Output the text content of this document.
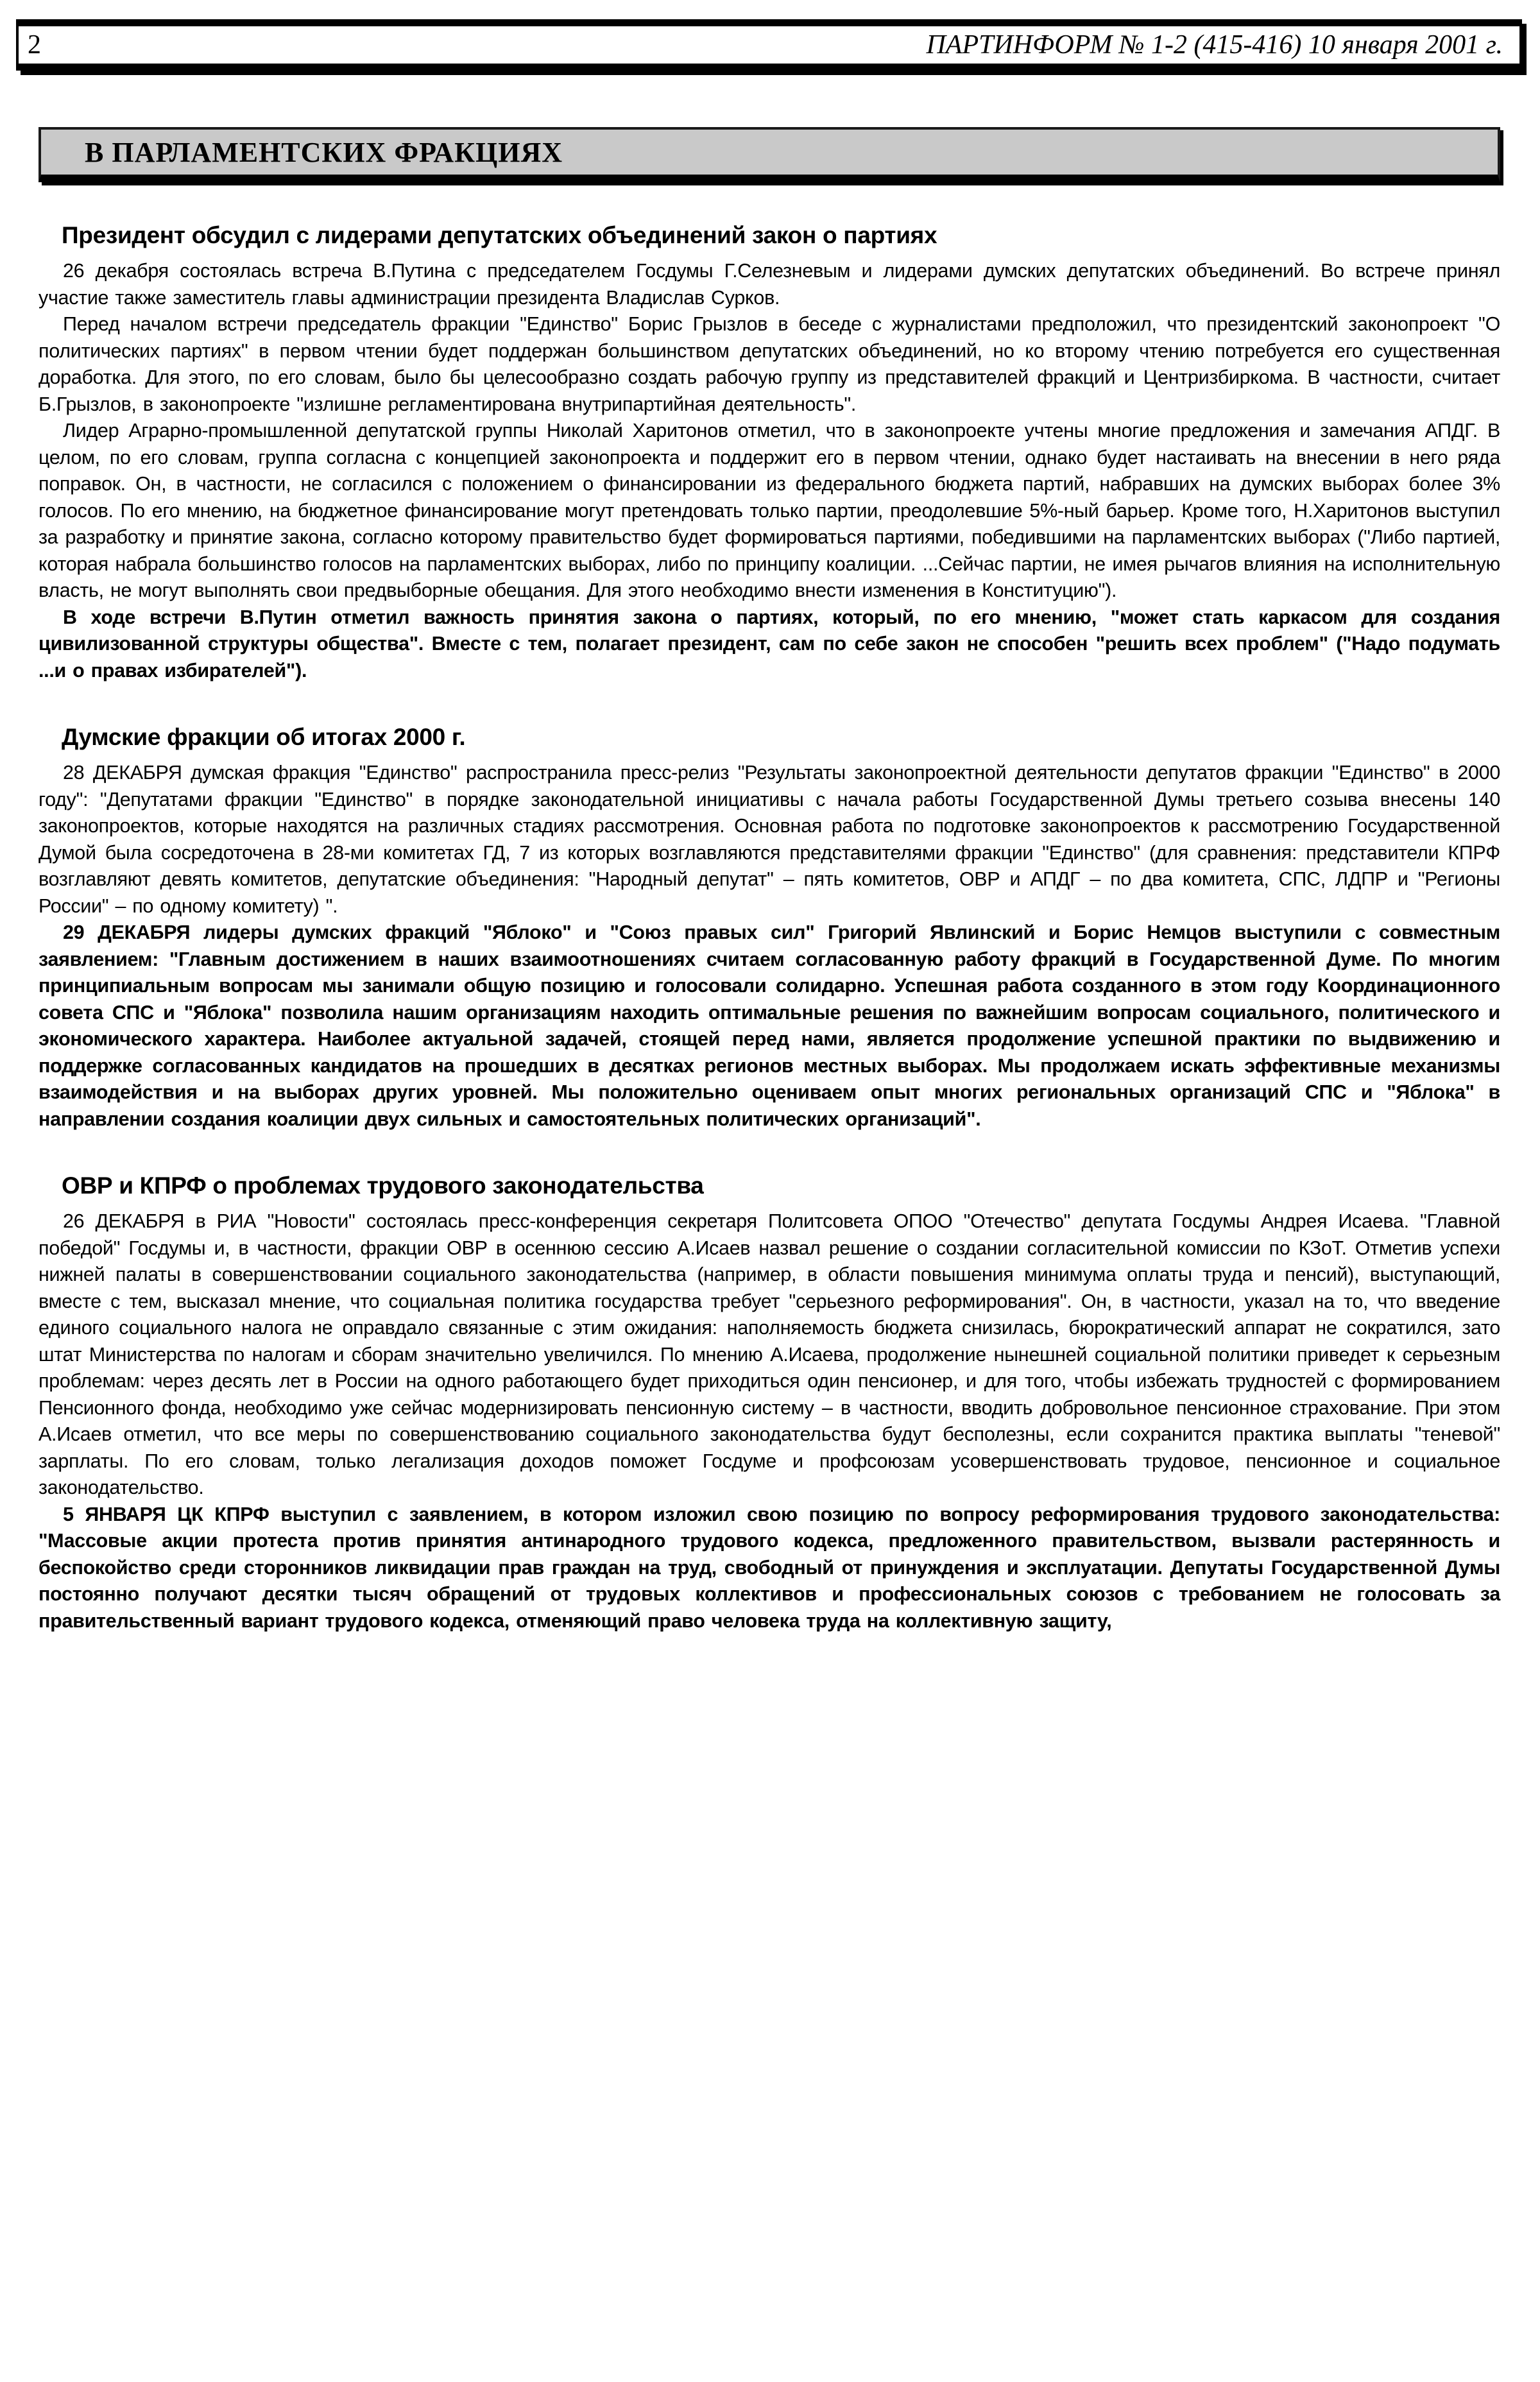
2	ПАРТИНФОРМ № 1-2 (415-416) 10 января 2001 г.
В ПАРЛАМЕНТСКИХ ФРАКЦИЯХ
Президент обсудил с лидерами депутатских объединений закон о партиях

26 декабря состоялась встреча В.Путина с председателем Госдумы Г.Селезневым и лидерами думских депутатских объединений. Во встрече принял участие также заместитель главы администрации президента Владислав Сурков.

Перед началом встречи председатель фракции "Единство" Борис Грызлов в беседе с журналистами предположил, что президентский законопроект "О политических партиях" в первом чтении будет поддержан большинством депутатских объединений, но ко второму чтению потребуется его существенная доработка. Для этого, по его словам, было бы целесообразно создать рабочую группу из представителей фракций и Центризбиркома. В частности, считает Б.Грызлов, в законопроекте "излишне регламентирована внутрипартийная деятельность".

Лидер Аграрно-промышленной депутатской группы Николай Харитонов отметил, что в законопроекте учтены многие предложения и замечания АПДГ. В целом, по его словам, группа согласна с концепцией законопроекта и поддержит его в первом чтении, однако будет настаивать на внесении в него ряда поправок. Он, в частности, не согласился с положением о финансировании из федерального бюджета партий, набравших на думских выборах более 3% голосов. По его мнению, на бюджетное финансирование могут претендовать только партии, преодолевшие 5%-ный барьер. Кроме того, Н.Харитонов выступил за разработку и принятие закона, согласно которому правительство будет формироваться партиями, победившими на парламентских выборах ("Либо партией, которая набрала большинство голосов на парламентских выборах, либо по принципу коалиции. ...Сейчас партии, не имея рычагов влияния на исполнительную власть, не могут выполнять свои предвыборные обещания. Для этого необходимо внести изменения в Конституцию").

В ходе встречи В.Путин отметил важность принятия закона о партиях, который, по его мнению, "может стать каркасом для создания цивилизованной структуры общества". Вместе с тем, полагает президент, сам по себе закон не способен "решить всех проблем" ("Надо подумать ...и о правах избирателей").

Думские фракции об итогах 2000 г.

28 ДЕКАБРЯ думская фракция "Единство" распространила пресс-релиз "Результаты законопроектной деятельности депутатов фракции "Единство" в 2000 году": "Депутатами фракции "Единство" в порядке законодательной инициативы с начала работы Государственной Думы третьего созыва внесены 140 законопроектов, которые находятся на различных стадиях рассмотрения. Основная работа по подготовке законопроектов к рассмотрению Государственной Думой была сосредоточена в 28-ми комитетах ГД, 7 из которых возглавляются представителями фракции "Единство" (для сравнения: представители КПРФ возглавляют девять комитетов, депутатские объединения: "Народный депутат" – пять комитетов, ОВР и АПДГ – по два комитета, СПС, ЛДПР и "Регионы России" – по одному комитету) ".

29 ДЕКАБРЯ лидеры думских фракций "Яблоко" и "Союз правых сил" Григорий Явлинский и Борис Немцов выступили с совместным заявлением: "Главным достижением в наших взаимоотношениях считаем согласованную работу фракций в Государственной Думе. По многим принципиальным вопросам мы занимали общую позицию и голосовали солидарно. Успешная работа созданного в этом году Координационного совета СПС и "Яблока" позволила нашим организациям находить оптимальные решения по важнейшим вопросам социального, политического и экономического характера. Наиболее актуальной задачей, стоящей перед нами, является продолжение успешной практики по выдвижению и поддержке согласованных кандидатов на прошедших в десятках регионов местных выборах. Мы продолжаем искать эффективные механизмы взаимодействия и на выборах других уровней. Мы положительно оцениваем опыт многих региональных организаций СПС и "Яблока" в направлении создания коалиции двух сильных и самостоятельных политических организаций".

ОВР и КПРФ о проблемах трудового законодательства

26 ДЕКАБРЯ в РИА "Новости" состоялась пресс-конференция секретаря Политсовета ОПОО "Отечество" депутата Госдумы Андрея Исаева. "Главной победой" Госдумы и, в частности, фракции ОВР в осеннюю сессию А.Исаев назвал решение о создании согласительной комиссии по КЗоТ. Отметив успехи нижней палаты в совершенствовании социального законодательства (например, в области повышения минимума оплаты труда и пенсий), выступающий, вместе с тем, высказал мнение, что социальная политика государства требует "серьезного реформирования". Он, в частности, указал на то, что введение единого социального налога не оправдало связанные с этим ожидания: наполняемость бюджета снизилась, бюрократический аппарат не сократился, зато штат Министерства по налогам и сборам значительно увеличился. По мнению А.Исаева, продолжение нынешней социальной политики приведет к серьезным проблемам: через десять лет в России на одного работающего будет приходиться один пенсионер, и для того, чтобы избежать трудностей с формированием Пенсионного фонда, необходимо уже сейчас модернизировать пенсионную систему – в частности, вводить добровольное пенсионное страхование. При этом А.Исаев отметил, что все меры по совершенствованию социального законодательства будут бесполезны, если сохранится практика выплаты "теневой" зарплаты. По его словам, только легализация доходов поможет Госдуме и профсоюзам усовершенствовать трудовое, пенсионное и социальное законодательство.

5 ЯНВАРЯ ЦК КПРФ выступил с заявлением, в котором изложил свою позицию по вопросу реформирования трудового законодательства: "Массовые акции протеста против принятия антинародного трудового кодекса, предложенного правительством, вызвали растерянность и беспокойство среди сторонников ликвидации прав граждан на труд, свободный от принуждения и эксплуатации. Депутаты Государственной Думы постоянно получают десятки тысяч обращений от трудовых коллективов и профессиональных союзов с требованием не голосовать за правительственный вариант трудового кодекса, отменяющий право человека труда на коллективную защиту,
